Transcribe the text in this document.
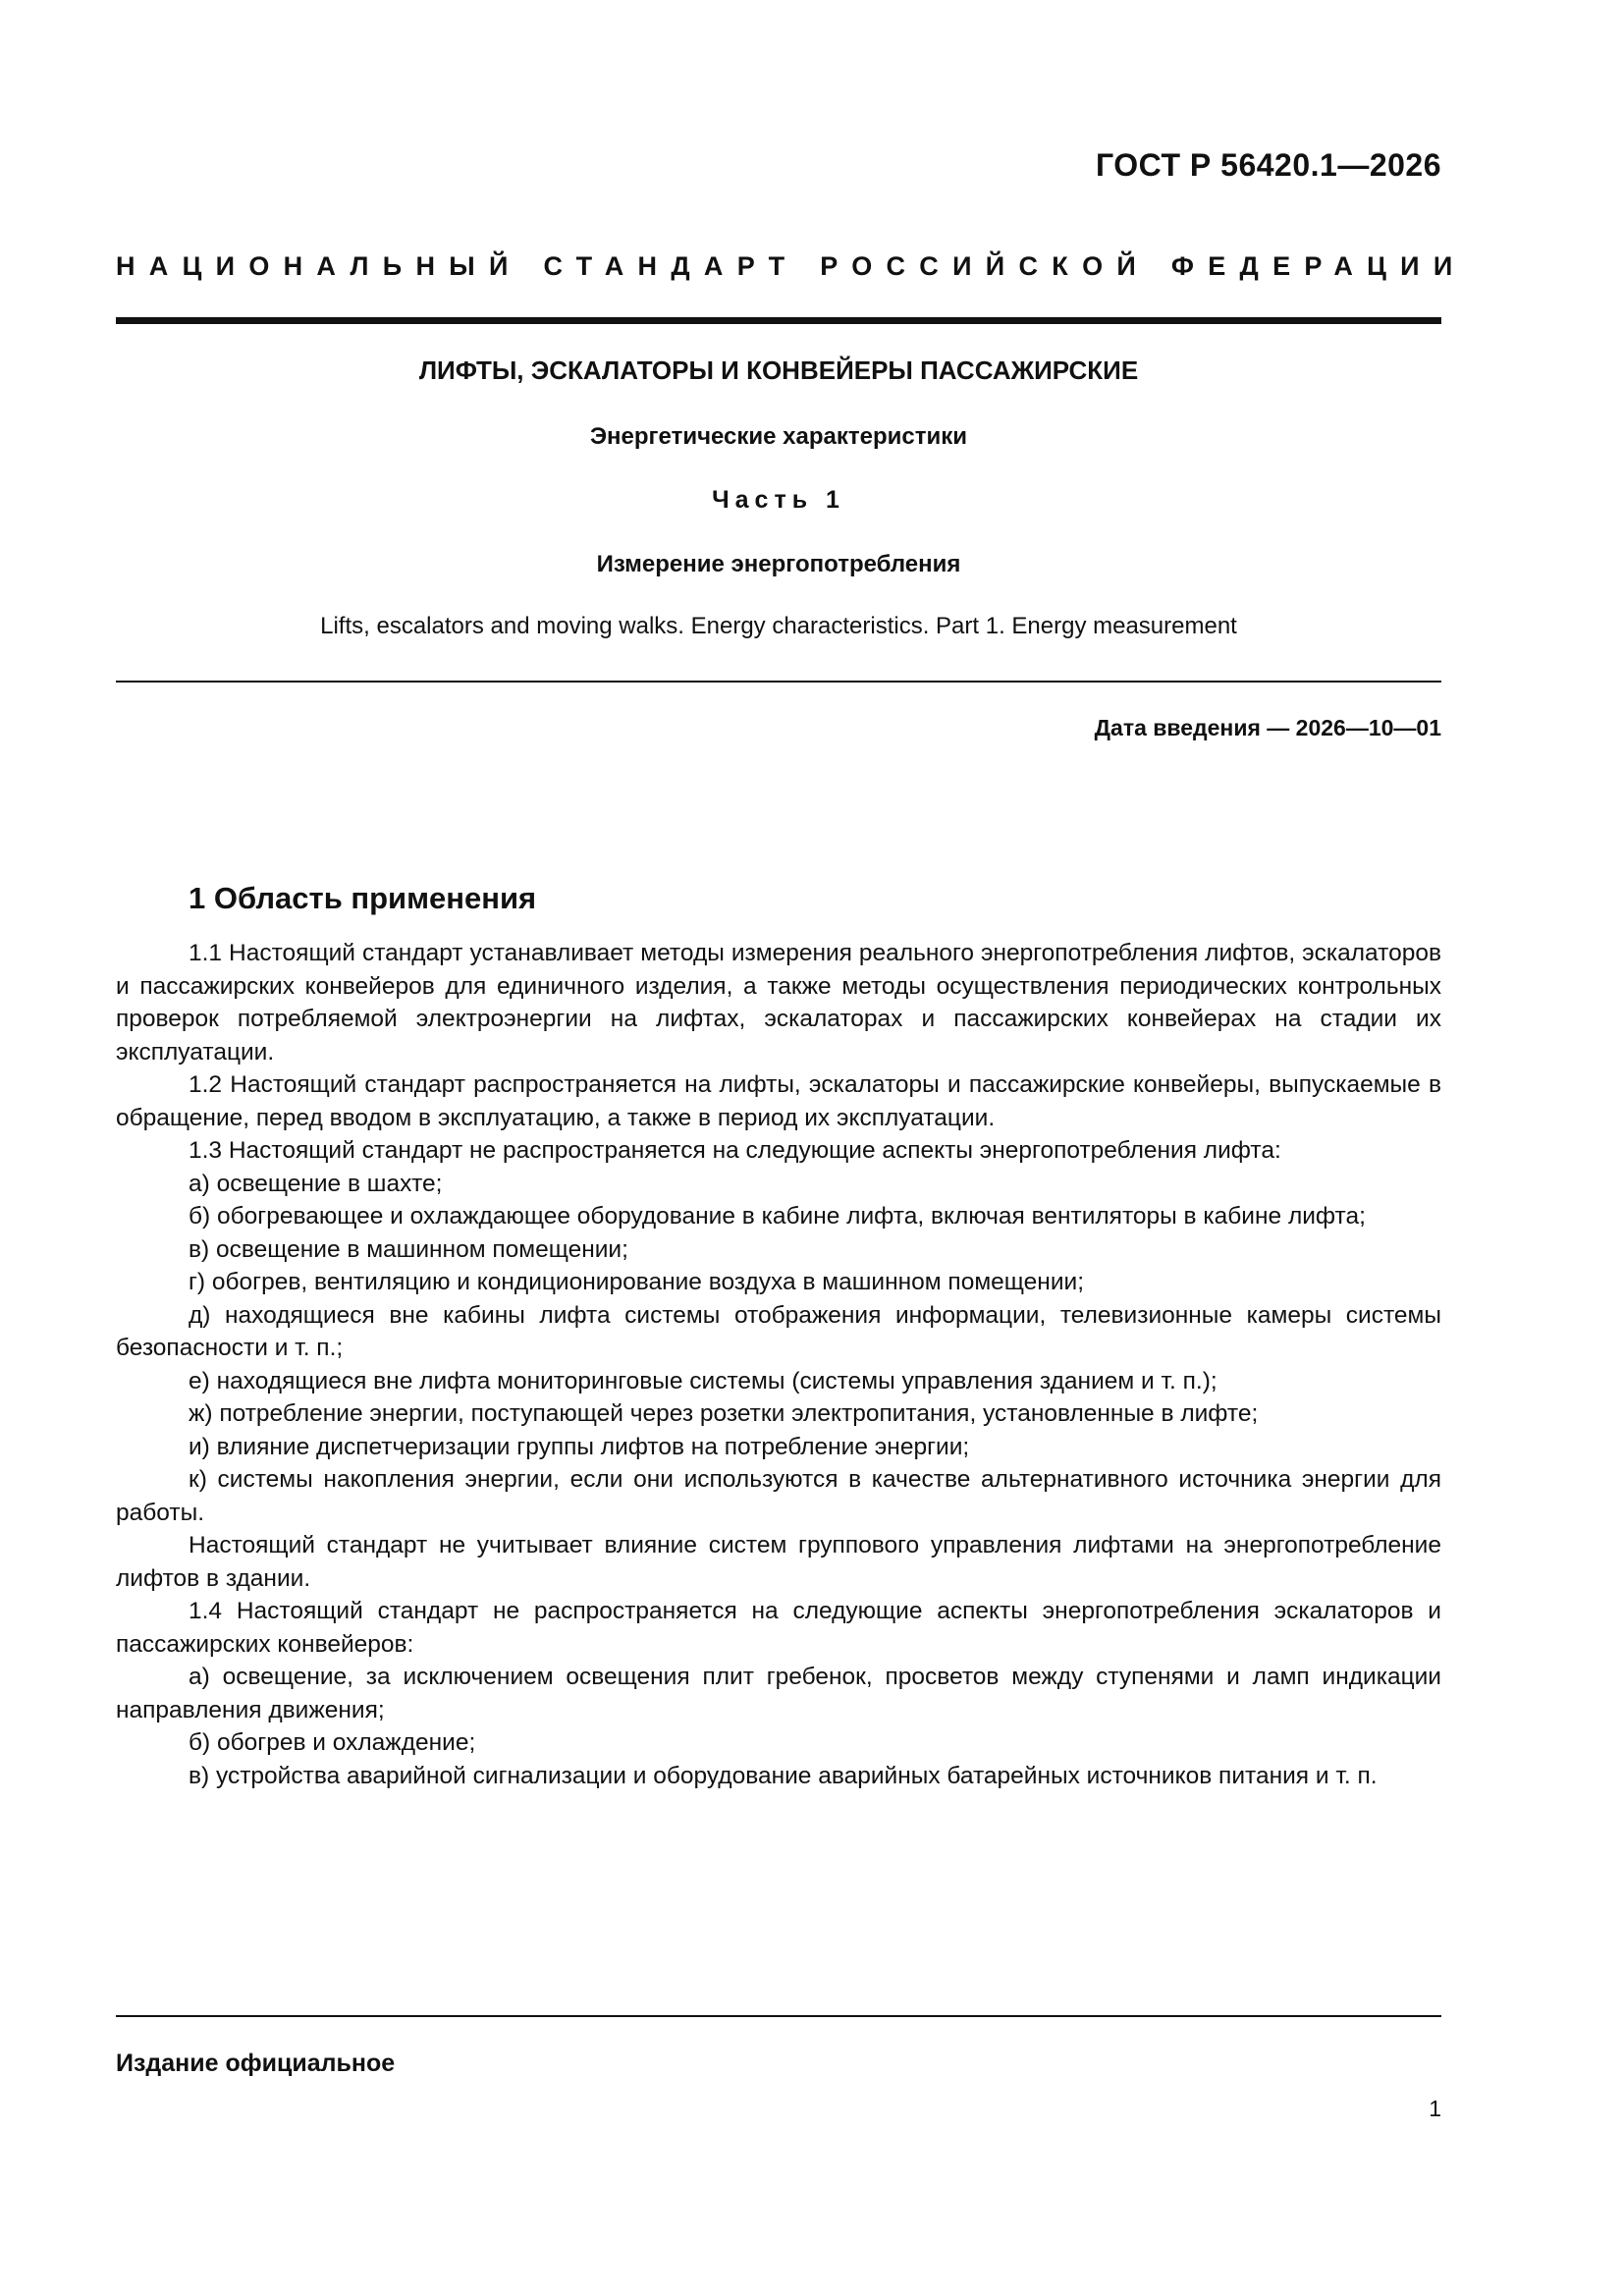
ГОСТ Р 56420.1—2026
НАЦИОНАЛЬНЫЙ СТАНДАРТ РОССИЙСКОЙ ФЕДЕРАЦИИ
ЛИФТЫ, ЭСКАЛАТОРЫ И КОНВЕЙЕРЫ ПАССАЖИРСКИЕ
Энергетические характеристики
Часть 1
Измерение энергопотребления
Lifts, escalators and moving walks. Energy characteristics. Part 1. Energy measurement
Дата введения — 2026—10—01
1 Область применения

1.1 Настоящий стандарт устанавливает методы измерения реального энергопотребления лифтов, эскалаторов и пассажирских конвейеров для единичного изделия, а также методы осуществления периодических контрольных проверок потребляемой электроэнергии на лифтах, эскалаторах и пассажирских конвейерах на стадии их эксплуатации.

1.2 Настоящий стандарт распространяется на лифты, эскалаторы и пассажирские конвейеры, выпускаемые в обращение, перед вводом в эксплуатацию, а также в период их эксплуатации.

1.3 Настоящий стандарт не распространяется на следующие аспекты энергопотребления лифта:

а) освещение в шахте;

б) обогревающее и охлаждающее оборудование в кабине лифта, включая вентиляторы в кабине лифта;

в) освещение в машинном помещении;

г) обогрев, вентиляцию и кондиционирование воздуха в машинном помещении;

д) находящиеся вне кабины лифта системы отображения информации, телевизионные камеры системы безопасности и т. п.;

е) находящиеся вне лифта мониторинговые системы (системы управления зданием и т. п.);

ж) потребление энергии, поступающей через розетки электропитания, установленные в лифте;

и) влияние диспетчеризации группы лифтов на потребление энергии;

к) системы накопления энергии, если они используются в качестве альтернативного источника энергии для работы.

Настоящий стандарт не учитывает влияние систем группового управления лифтами на энергопотребление лифтов в здании.

1.4 Настоящий стандарт не распространяется на следующие аспекты энергопотребления эскалаторов и пассажирских конвейеров:

а) освещение, за исключением освещения плит гребенок, просветов между ступенями и ламп индикации направления движения;

б) обогрев и охлаждение;

в) устройства аварийной сигнализации и оборудование аварийных батарейных источников питания и т. п.

Издание официальное
1
